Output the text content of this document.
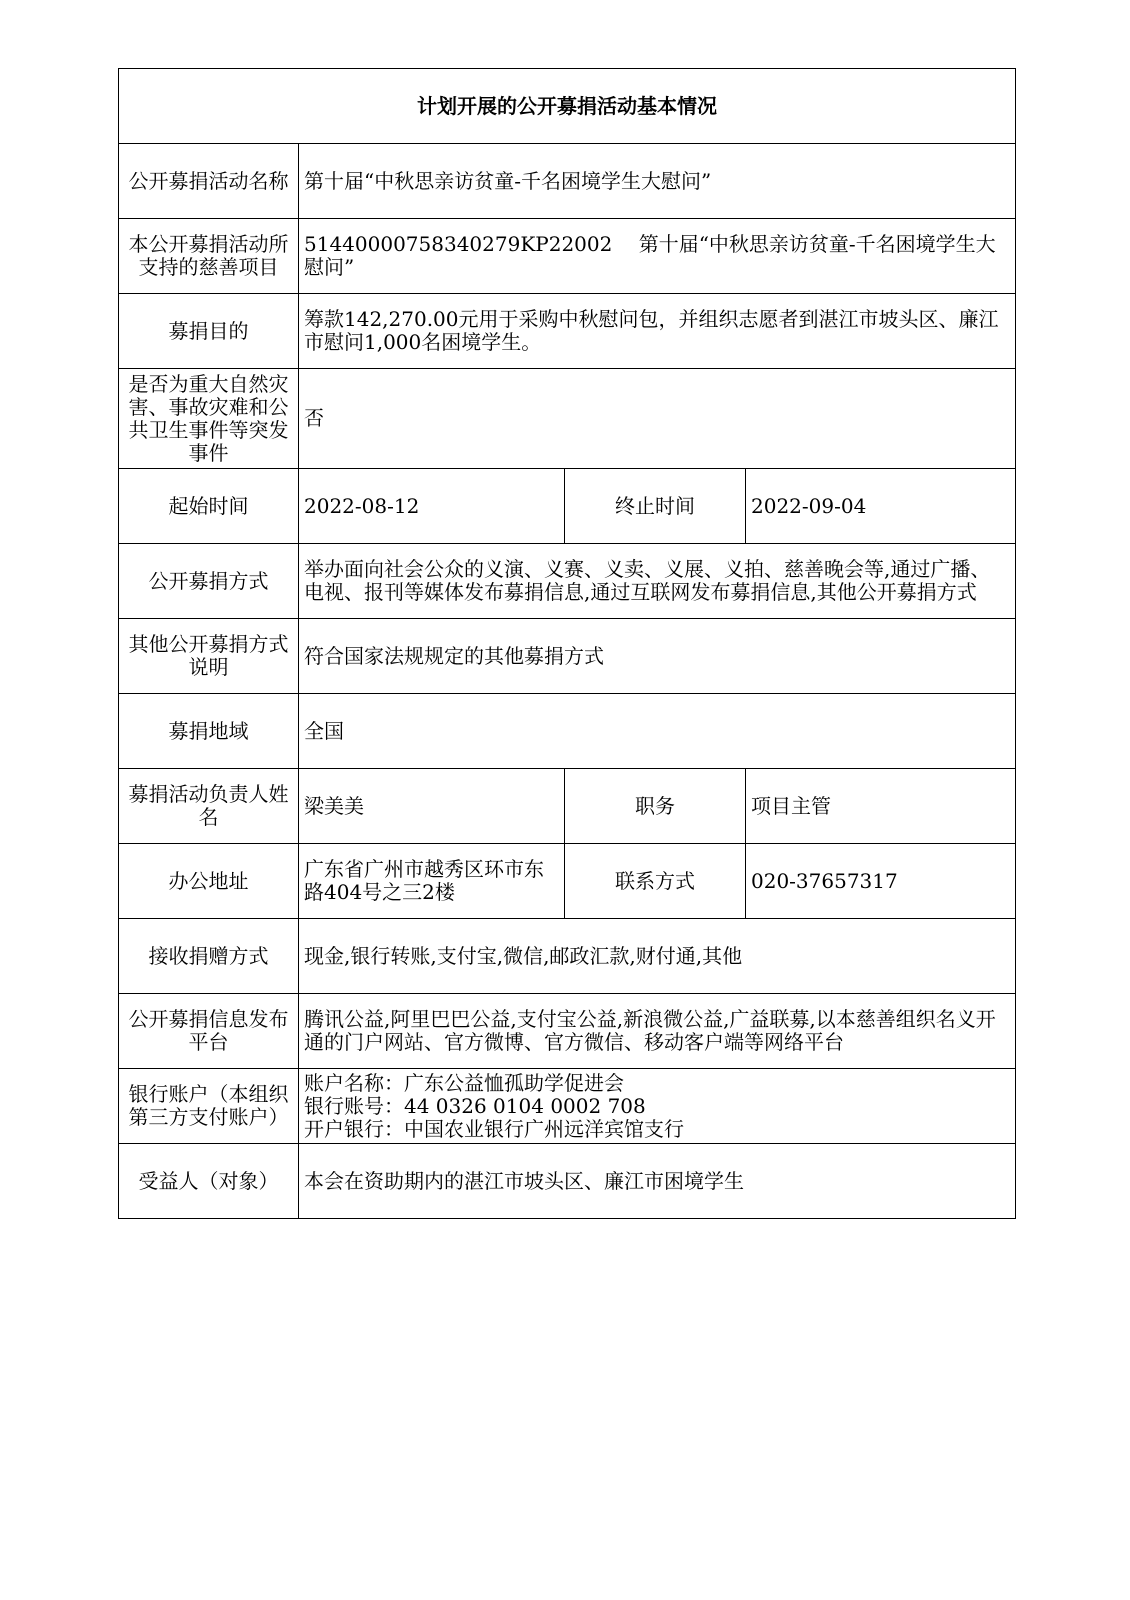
计划开展的公开募捐活动基本情况			
公开募捐活动名称	第十届“中秋思亲访贫童-千名困境学生大慰问”		
本公开募捐活动所支持的慈善项目	51440000758340279KP22002　 第十届“中秋思亲访贫童-千名困境学生大慰问”		
募捐目的	筹款142,270.00元用于采购中秋慰问包，并组织志愿者到湛江市坡头区、廉江市慰问1,000名困境学生。		
是否为重大自然灾害、事故灾难和公共卫生事件等突发事件	否		
起始时间	2022-08-12	终止时间	2022-09-04
公开募捐方式	举办面向社会公众的义演、义赛、义卖、义展、义拍、慈善晚会等,通过广播、电视、报刊等媒体发布募捐信息,通过互联网发布募捐信息,其他公开募捐方式		
其他公开募捐方式说明	符合国家法规规定的其他募捐方式		
募捐地域	全国		
募捐活动负责人姓名	梁美美	职务	项目主管
办公地址	广东省广州市越秀区环市东路404号之三2楼	联系方式	020-37657317
接收捐赠方式	现金,银行转账,支付宝,微信,邮政汇款,财付通,其他		
公开募捐信息发布平台	腾讯公益,阿里巴巴公益,支付宝公益,新浪微公益,广益联募,以本慈善组织名义开通的门户网站、官方微博、官方微信、移动客户端等网络平台		
银行账户（本组织第三方支付账户）	账户名称：广东公益恤孤助学促进会
银行账号：44 0326 0104 0002 708
开户银行：中国农业银行广州远洋宾馆支行		

受益人（对象）	本会在资助期内的湛江市坡头区、廉江市困境学生		
